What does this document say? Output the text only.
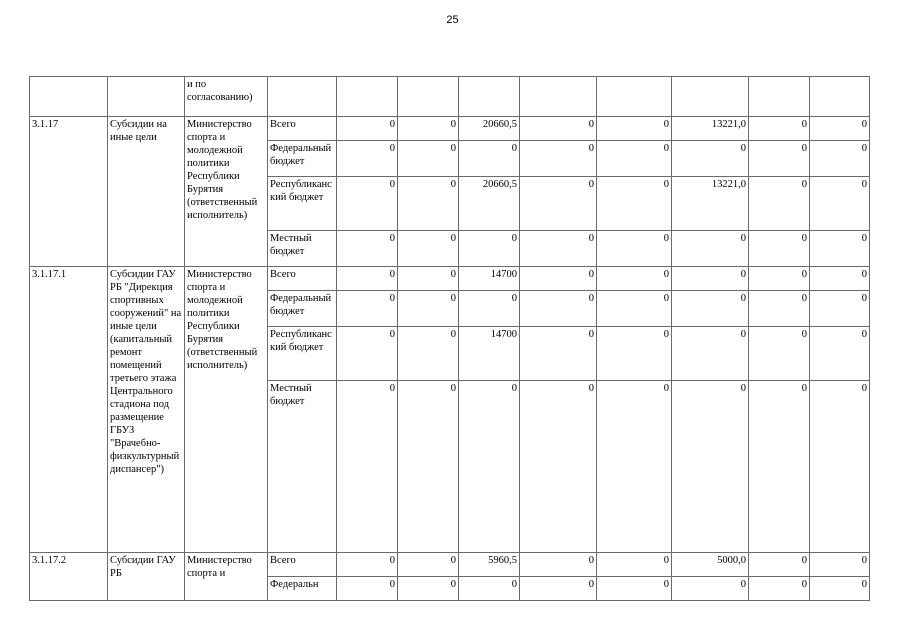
25
		и по согласованию)									
3.1.17	Субсидии на иные цели	Министерство спорта и молодежной политики Республики Бурятия (ответственный исполнитель)	Всего	0	0	20660,5	0	0	13221,0	0	0
			Федеральный бюджет	0	0	0	0	0	0	0	0
			Республиканский бюджет	0	0	20660,5	0	0	13221,0	0	0
			Местный бюджет	0	0	0	0	0	0	0	0
3.1.17.1	Субсидии ГАУ РБ "Дирекция спортивных сооружений" на иные цели (капитальный ремонт помещений третьего этажа Центрального стадиона под размещение ГБУЗ "Врачебно-физкультурный диспансер")	Министерство спорта и молодежной политики Республики Бурятия (ответственный исполнитель)	Всего	0	0	14700	0	0	0	0	0
			Федеральный бюджет	0	0	0	0	0	0	0	0
			Республиканский бюджет	0	0	14700	0	0	0	0	0
			Местный бюджет	0	0	0	0	0	0	0	0
3.1.17.2	Субсидии ГАУ РБ	Министерство спорта и	Всего	0	0	5960,5	0	0	5000,0	0	0
			Федеральн	0	0	0	0	0	0	0	0
